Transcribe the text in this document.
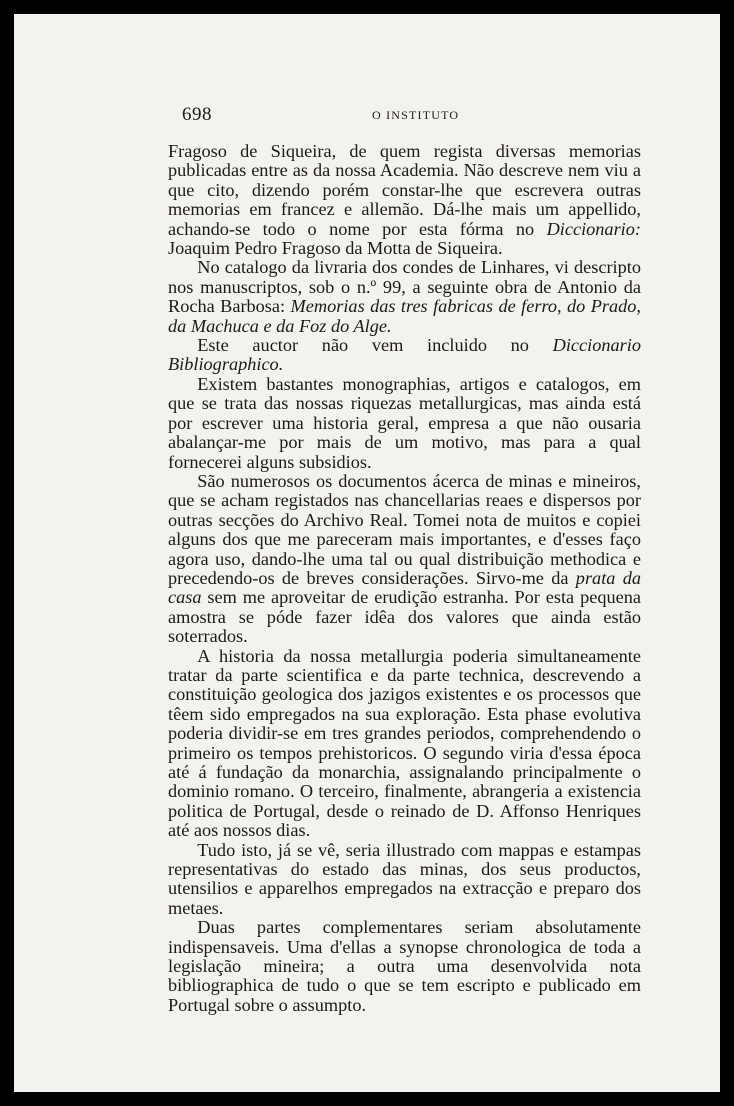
698	O INSTITUTO

Fragoso de Siqueira, de quem regista diversas memorias publicadas entre as da nossa Academia. Não descreve nem viu a que cito, dizendo porém constar-lhe que escrevera outras memorias em francez e allemão. Dá-lhe mais um appellido, achando-se todo o nome por esta fórma no Diccionario: Joaquim Pedro Fragoso da Motta de Siqueira.

No catalogo da livraria dos condes de Linhares, vi descripto nos manuscriptos, sob o n.º 99, a seguinte obra de Antonio da Rocha Barbosa: Memorias das tres fabricas de ferro, do Prado, da Machuca e da Foz do Alge.

Este auctor não vem incluido no Diccionario Bibliographico.

Existem bastantes monographias, artigos e catalogos, em que se trata das nossas riquezas metallurgicas, mas ainda está por escrever uma historia geral, empresa a que não ousaria abalançar-me por mais de um motivo, mas para a qual fornecerei alguns subsidios.

São numerosos os documentos ácerca de minas e mineiros, que se acham registados nas chancellarias reaes e dispersos por outras secções do Archivo Real. Tomei nota de muitos e copiei alguns dos que me pareceram mais importantes, e d'esses faço agora uso, dando-lhe uma tal ou qual distribuição methodica e precedendo-os de breves considerações. Sirvo-me da prata da casa sem me aproveitar de erudição estranha. Por esta pequena amostra se póde fazer idêa dos valores que ainda estão soterrados.

A historia da nossa metallurgia poderia simultaneamente tratar da parte scientifica e da parte technica, descrevendo a constituição geologica dos jazigos existentes e os processos que têem sido empregados na sua exploração. Esta phase evolutiva poderia dividir-se em tres grandes periodos, comprehendendo o primeiro os tempos prehistoricos. O segundo viria d'essa época até á fundação da monarchia, assignalando principalmente o dominio romano. O terceiro, finalmente, abrangeria a existencia politica de Portugal, desde o reinado de D. Affonso Henriques até aos nossos dias.

Tudo isto, já se vê, seria illustrado com mappas e estampas representativas do estado das minas, dos seus productos, utensilios e apparelhos empregados na extracção e preparo dos metaes.

Duas partes complementares seriam absolutamente indispensaveis. Uma d'ellas a synopse chronologica de toda a legislação mineira; a outra uma desenvolvida nota bibliographica de tudo o que se tem escripto e publicado em Portugal sobre o assumpto.
